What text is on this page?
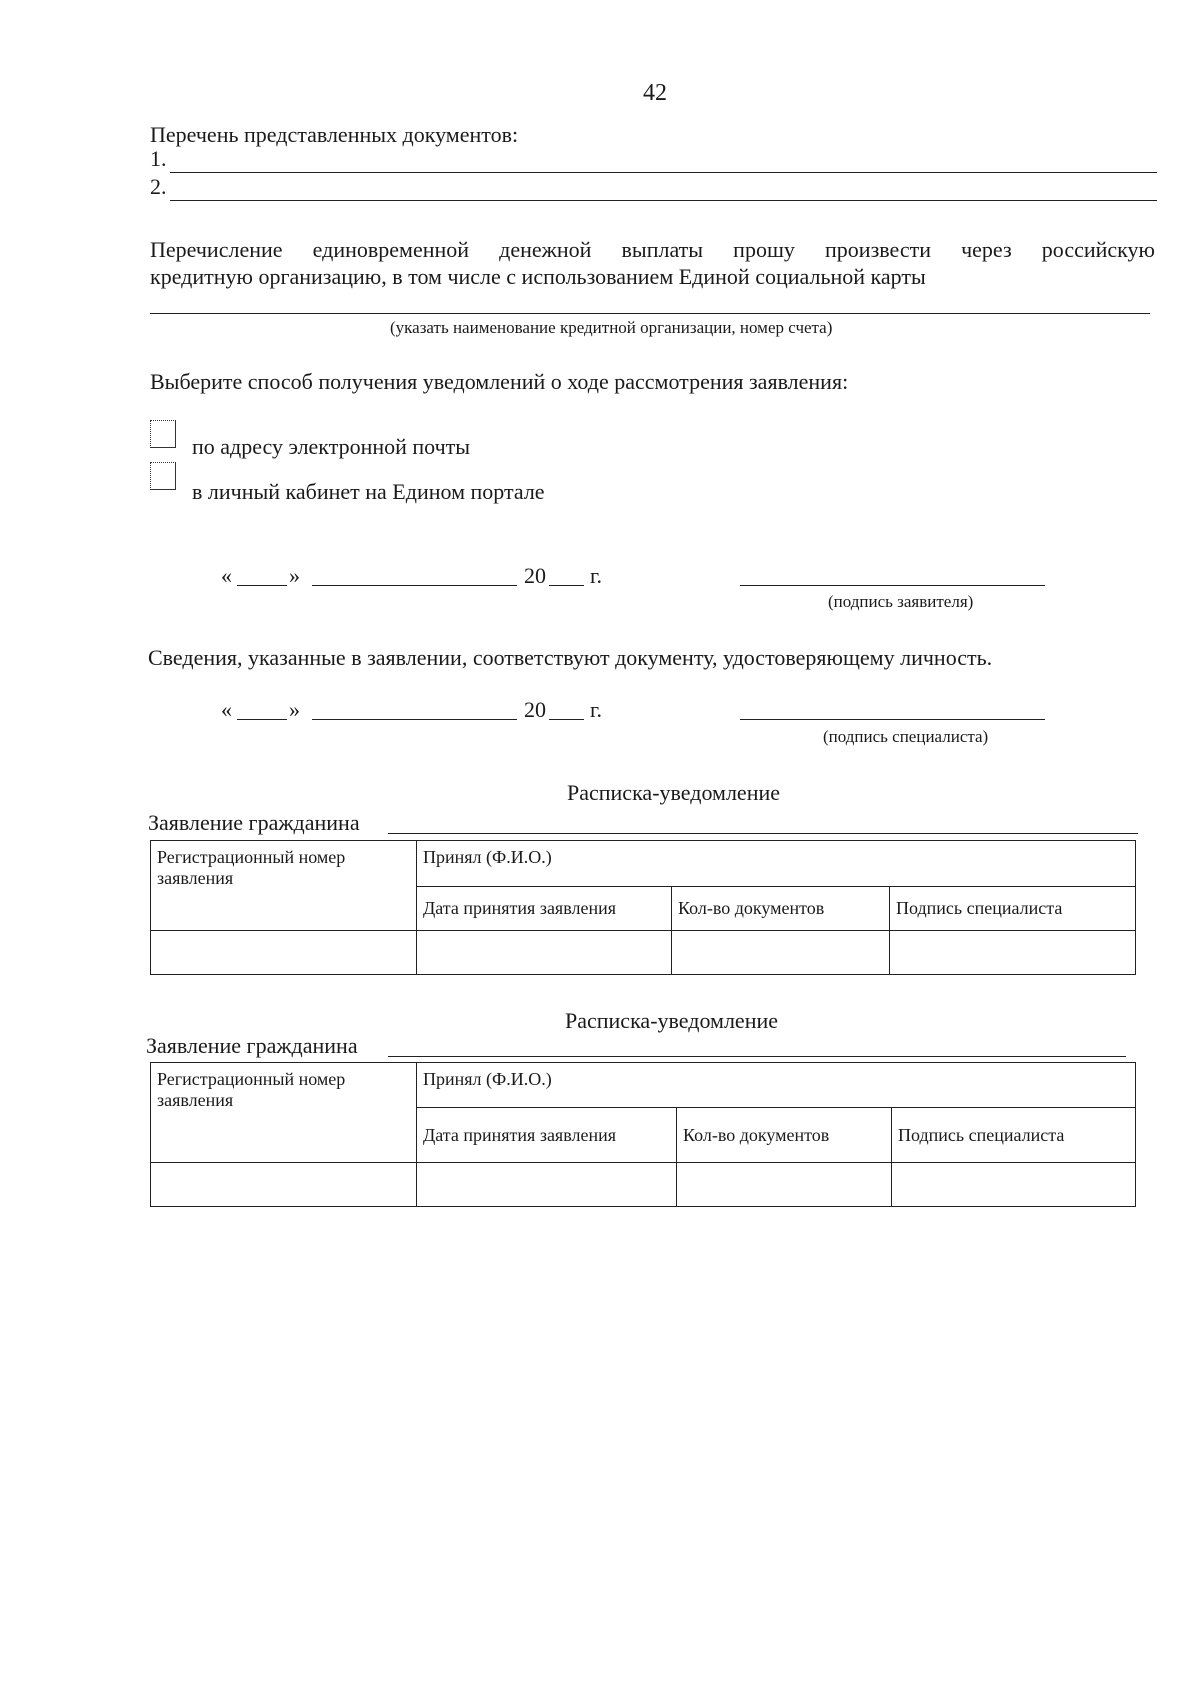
42
Перечень представленных документов:
1.
2.
Перечисление единовременной денежной выплаты прошу произвести через российскую
кредитную организацию, в том числе с использованием Единой социальной карты
(указать наименование кредитной организации, номер счета)
Выберите способ получения уведомлений о ходе рассмотрения заявления:
по адресу электронной почты
в личный кабинет на Едином портале
«	»	20 г.
(подпись заявителя)
Сведения, указанные в заявлении, соответствуют документу, удостоверяющему личность.
«	»	20 г.
(подпись специалиста)
Расписка-уведомление
Заявление гражданина
Регистрационный номер заявления	Принял (Ф.И.О.)		
	Дата принятия заявления	Кол-во документов	Подпись специалиста

Расписка-уведомление
Заявление гражданина
Регистрационный номер заявления	Принял (Ф.И.О.)		
	Дата принятия заявления	Кол-во документов	Подпись специалиста
